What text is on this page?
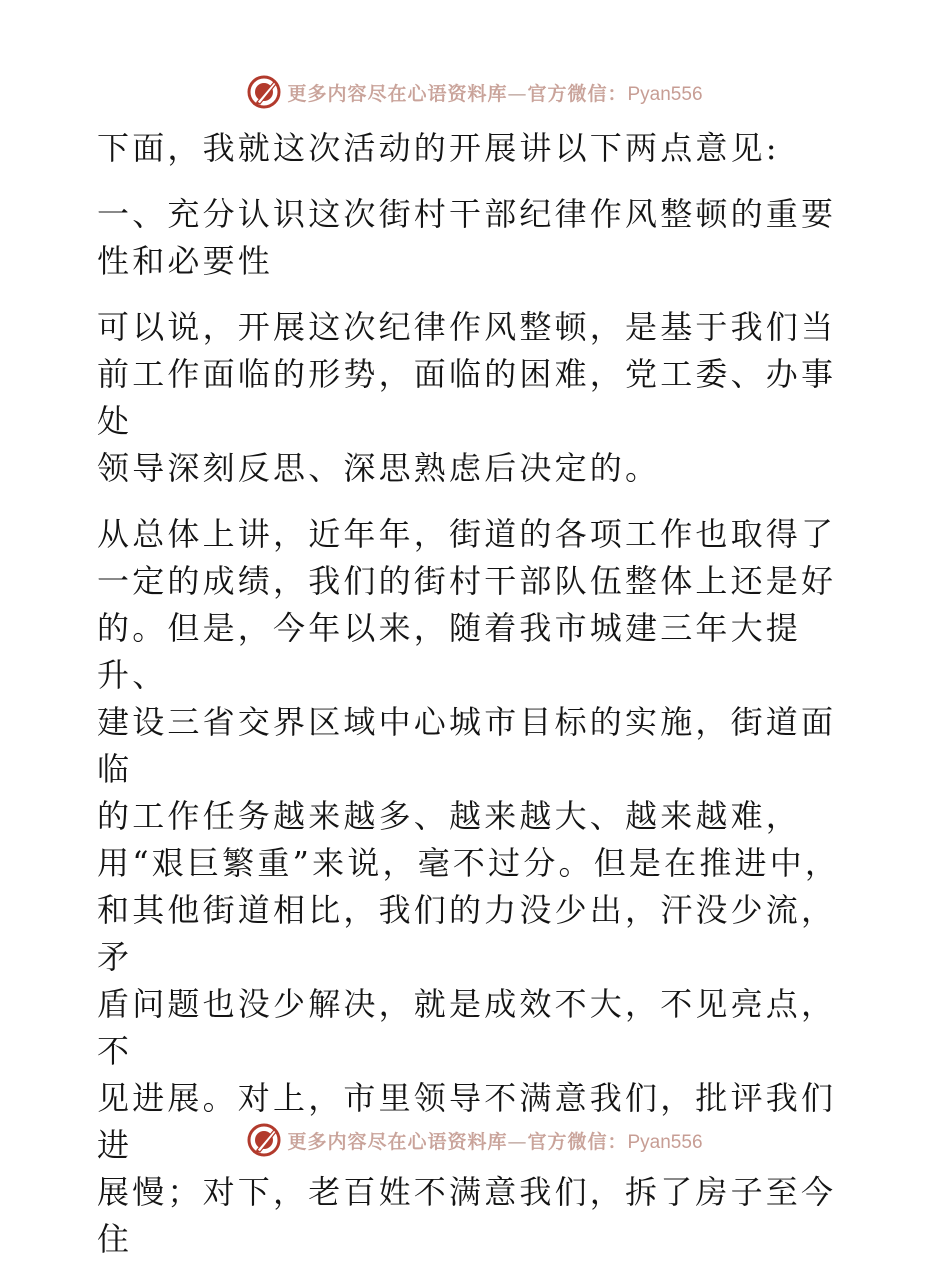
更多内容尽在心语资料库—官方微信：Pyan556

下面，我就这次活动的开展讲以下两点意见:

一、充分认识这次街村干部纪律作风整顿的重要

性和必要性

可以说，开展这次纪律作风整顿，是基于我们当

前工作面临的形势，面临的困难，党工委、办事处

领导深刻反思、深思熟虑后决定的。

从总体上讲，近年年，街道的各项工作也取得了

一定的成绩，我们的街村干部队伍整体上还是好

的。但是，今年以来，随着我市城建三年大提升、

建设三省交界区域中心城市目标的实施，街道面临

的工作任务越来越多、越来越大、越来越难，

用“艰巨繁重”来说，毫不过分。但是在推进中，

和其他街道相比，我们的力没少出，汗没少流，矛

盾问题也没少解决，就是成效不大，不见亮点，不

见进展。对上，市里领导不满意我们，批评我们进

展慢；对下，老百姓不满意我们，拆了房子至今住

更多内容尽在心语资料库—官方微信：Pyan556
